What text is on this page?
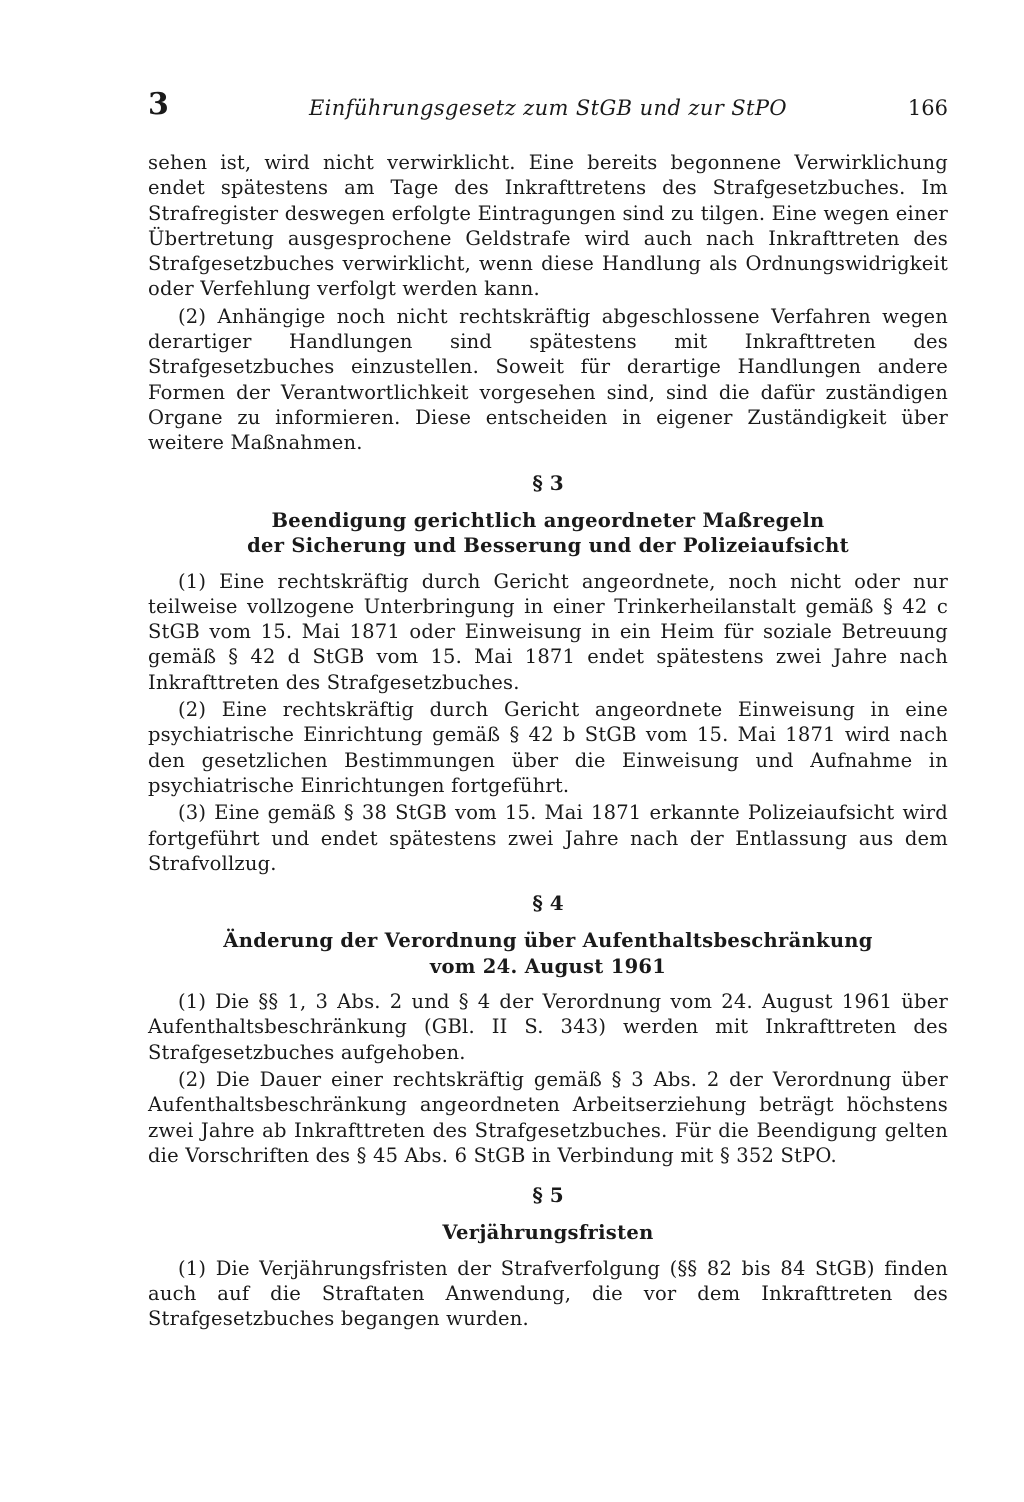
3	Einführungsgesetz zum StGB und zur StPO	166

sehen ist, wird nicht verwirklicht. Eine bereits begonnene Verwirklichung endet spätestens am Tage des Inkrafttretens des Strafgesetzbuches. Im Strafregister deswegen erfolgte Eintragungen sind zu tilgen. Eine wegen einer Übertretung ausgesprochene Geldstrafe wird auch nach Inkrafttreten des Strafgesetzbuches verwirklicht, wenn diese Handlung als Ordnungswidrigkeit oder Verfehlung verfolgt werden kann.

(2) Anhängige noch nicht rechtskräftig abgeschlossene Verfahren wegen derartiger Handlungen sind spätestens mit Inkrafttreten des Strafgesetzbuches einzustellen. Soweit für derartige Handlungen andere Formen der Verantwortlichkeit vorgesehen sind, sind die dafür zuständigen Organe zu informieren. Diese entscheiden in eigener Zuständigkeit über weitere Maßnahmen.

§ 3
Beendigung gerichtlich angeordneter Maßregeln
der Sicherung und Besserung und der Polizeiaufsicht

(1) Eine rechtskräftig durch Gericht angeordnete, noch nicht oder nur teilweise vollzogene Unterbringung in einer Trinkerheilanstalt gemäß § 42 c StGB vom 15. Mai 1871 oder Einweisung in ein Heim für soziale Betreuung gemäß § 42 d StGB vom 15. Mai 1871 endet spätestens zwei Jahre nach Inkrafttreten des Strafgesetzbuches.

(2) Eine rechtskräftig durch Gericht angeordnete Einweisung in eine psychiatrische Einrichtung gemäß § 42 b StGB vom 15. Mai 1871 wird nach den gesetzlichen Bestimmungen über die Einweisung und Aufnahme in psychiatrische Einrichtungen fortgeführt.

(3) Eine gemäß § 38 StGB vom 15. Mai 1871 erkannte Polizeiaufsicht wird fortgeführt und endet spätestens zwei Jahre nach der Entlassung aus dem Strafvollzug.

§ 4
Änderung der Verordnung über Aufenthaltsbeschränkung
vom 24. August 1961

(1) Die §§ 1, 3 Abs. 2 und § 4 der Verordnung vom 24. August 1961 über Aufenthaltsbeschränkung (GBl. II S. 343) werden mit Inkrafttreten des Strafgesetzbuches aufgehoben.

(2) Die Dauer einer rechtskräftig gemäß § 3 Abs. 2 der Verordnung über Aufenthaltsbeschränkung angeordneten Arbeitserziehung beträgt höchstens zwei Jahre ab Inkrafttreten des Strafgesetzbuches. Für die Beendigung gelten die Vorschriften des § 45 Abs. 6 StGB in Verbindung mit § 352 StPO.

§ 5
Verjährungsfristen

(1) Die Verjährungsfristen der Strafverfolgung (§§ 82 bis 84 StGB) finden auch auf die Straftaten Anwendung, die vor dem Inkrafttreten des Strafgesetzbuches begangen wurden.
